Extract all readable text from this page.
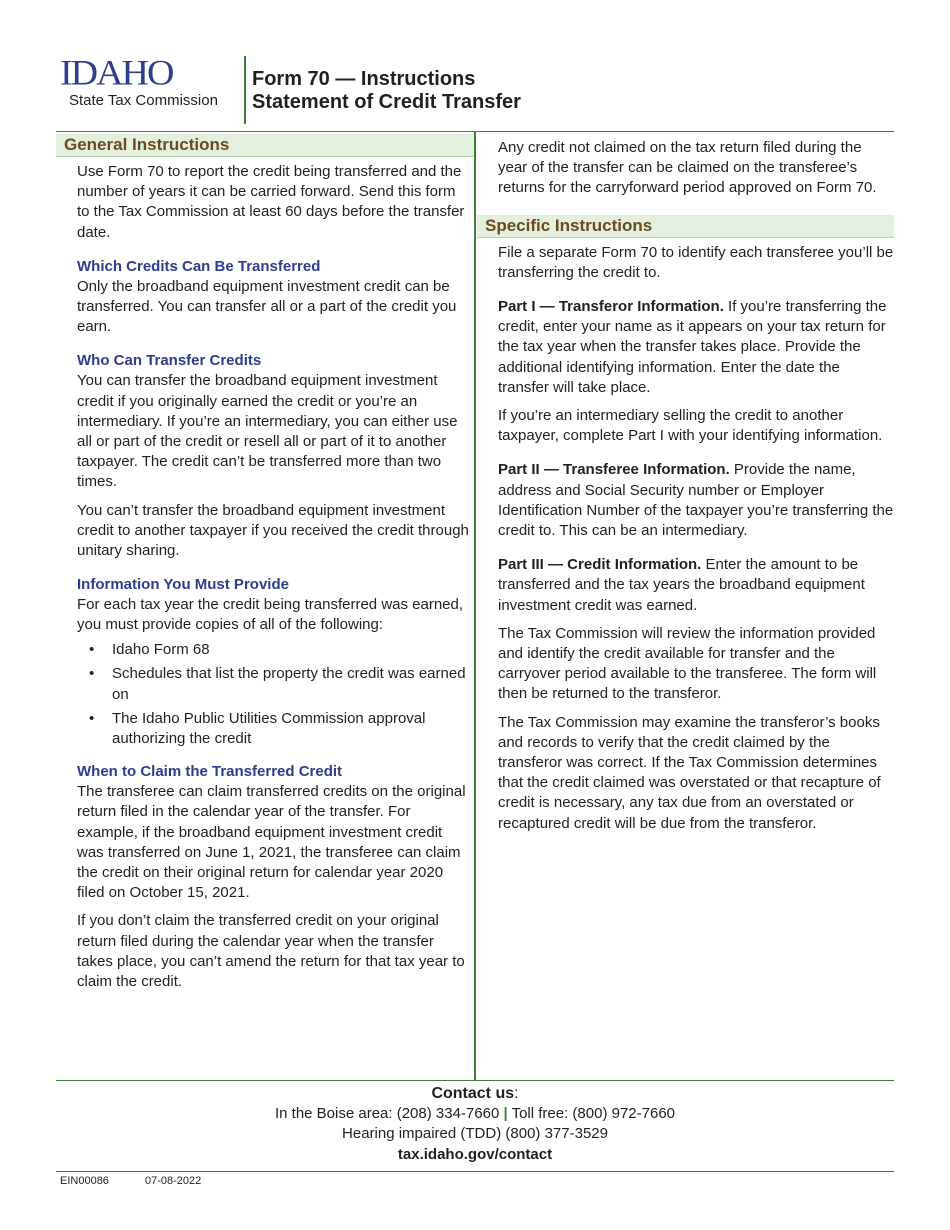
IDAHO
State Tax Commission
Form 70 — Instructions
Statement of Credit Transfer
General Instructions

Use Form 70 to report the credit being transferred and the number of years it can be carried forward. Send this form to the Tax Commission at least 60 days before the transfer date.

Which Credits Can Be Transferred

Only the broadband equipment investment credit can be transferred. You can transfer all or a part of the credit you earn.

Who Can Transfer Credits

You can transfer the broadband equipment investment credit if you originally earned the credit or you’re an intermediary. If you’re an intermediary, you can either use all or part of the credit or resell all or part of it to another taxpayer. The credit can’t be transferred more than two times.

You can’t transfer the broadband equipment investment credit to another taxpayer if you received the credit through unitary sharing.

Information You Must Provide

For each tax year the credit being transferred was earned, you must provide copies of all of the following:

• Idaho Form 68
• Schedules that list the property the credit was earned on
• The Idaho Public Utilities Commission approval authorizing the credit

When to Claim the Transferred Credit

The transferee can claim transferred credits on the original return filed in the calendar year of the transfer. For example, if the broadband equipment investment credit was transferred on June 1, 2021, the transferee can claim the credit on their original return for calendar year 2020 filed on October 15, 2021.

If you don’t claim the transferred credit on your original return filed during the calendar year when the transfer takes place, you can’t amend the return for that tax year to claim the credit.

Any credit not claimed on the tax return filed during the year of the transfer can be claimed on the transferee’s returns for the carryforward period approved on Form 70.

Specific Instructions

File a separate Form 70 to identify each transferee you’ll be transferring the credit to.

Part I — Transferor Information. If you’re transferring the credit, enter your name as it appears on your tax return for the tax year when the transfer takes place. Provide the additional identifying information. Enter the date the transfer will take place.

If you’re an intermediary selling the credit to another taxpayer, complete Part I with your identifying information.

Part II — Transferee Information. Provide the name, address and Social Security number or Employer Identification Number of the taxpayer you’re transferring the credit to. This can be an intermediary.

Part III — Credit Information. Enter the amount to be transferred and the tax years the broadband equipment investment credit was earned.

The Tax Commission will review the information provided and identify the credit available for transfer and the carryover period available to the transferee. The form will then be returned to the transferor.

The Tax Commission may examine the transferor’s books and records to verify that the credit claimed by the transferor was correct. If the Tax Commission determines that the credit claimed was overstated or that recapture of credit is necessary, any tax due from an overstated or recaptured credit will be due from the transferor.

Contact us:
In the Boise area: (208) 334-7660 | Toll free: (800) 972-7660
Hearing impaired (TDD) (800) 377-3529
tax.idaho.gov/contact
EIN00086	07-08-2022
